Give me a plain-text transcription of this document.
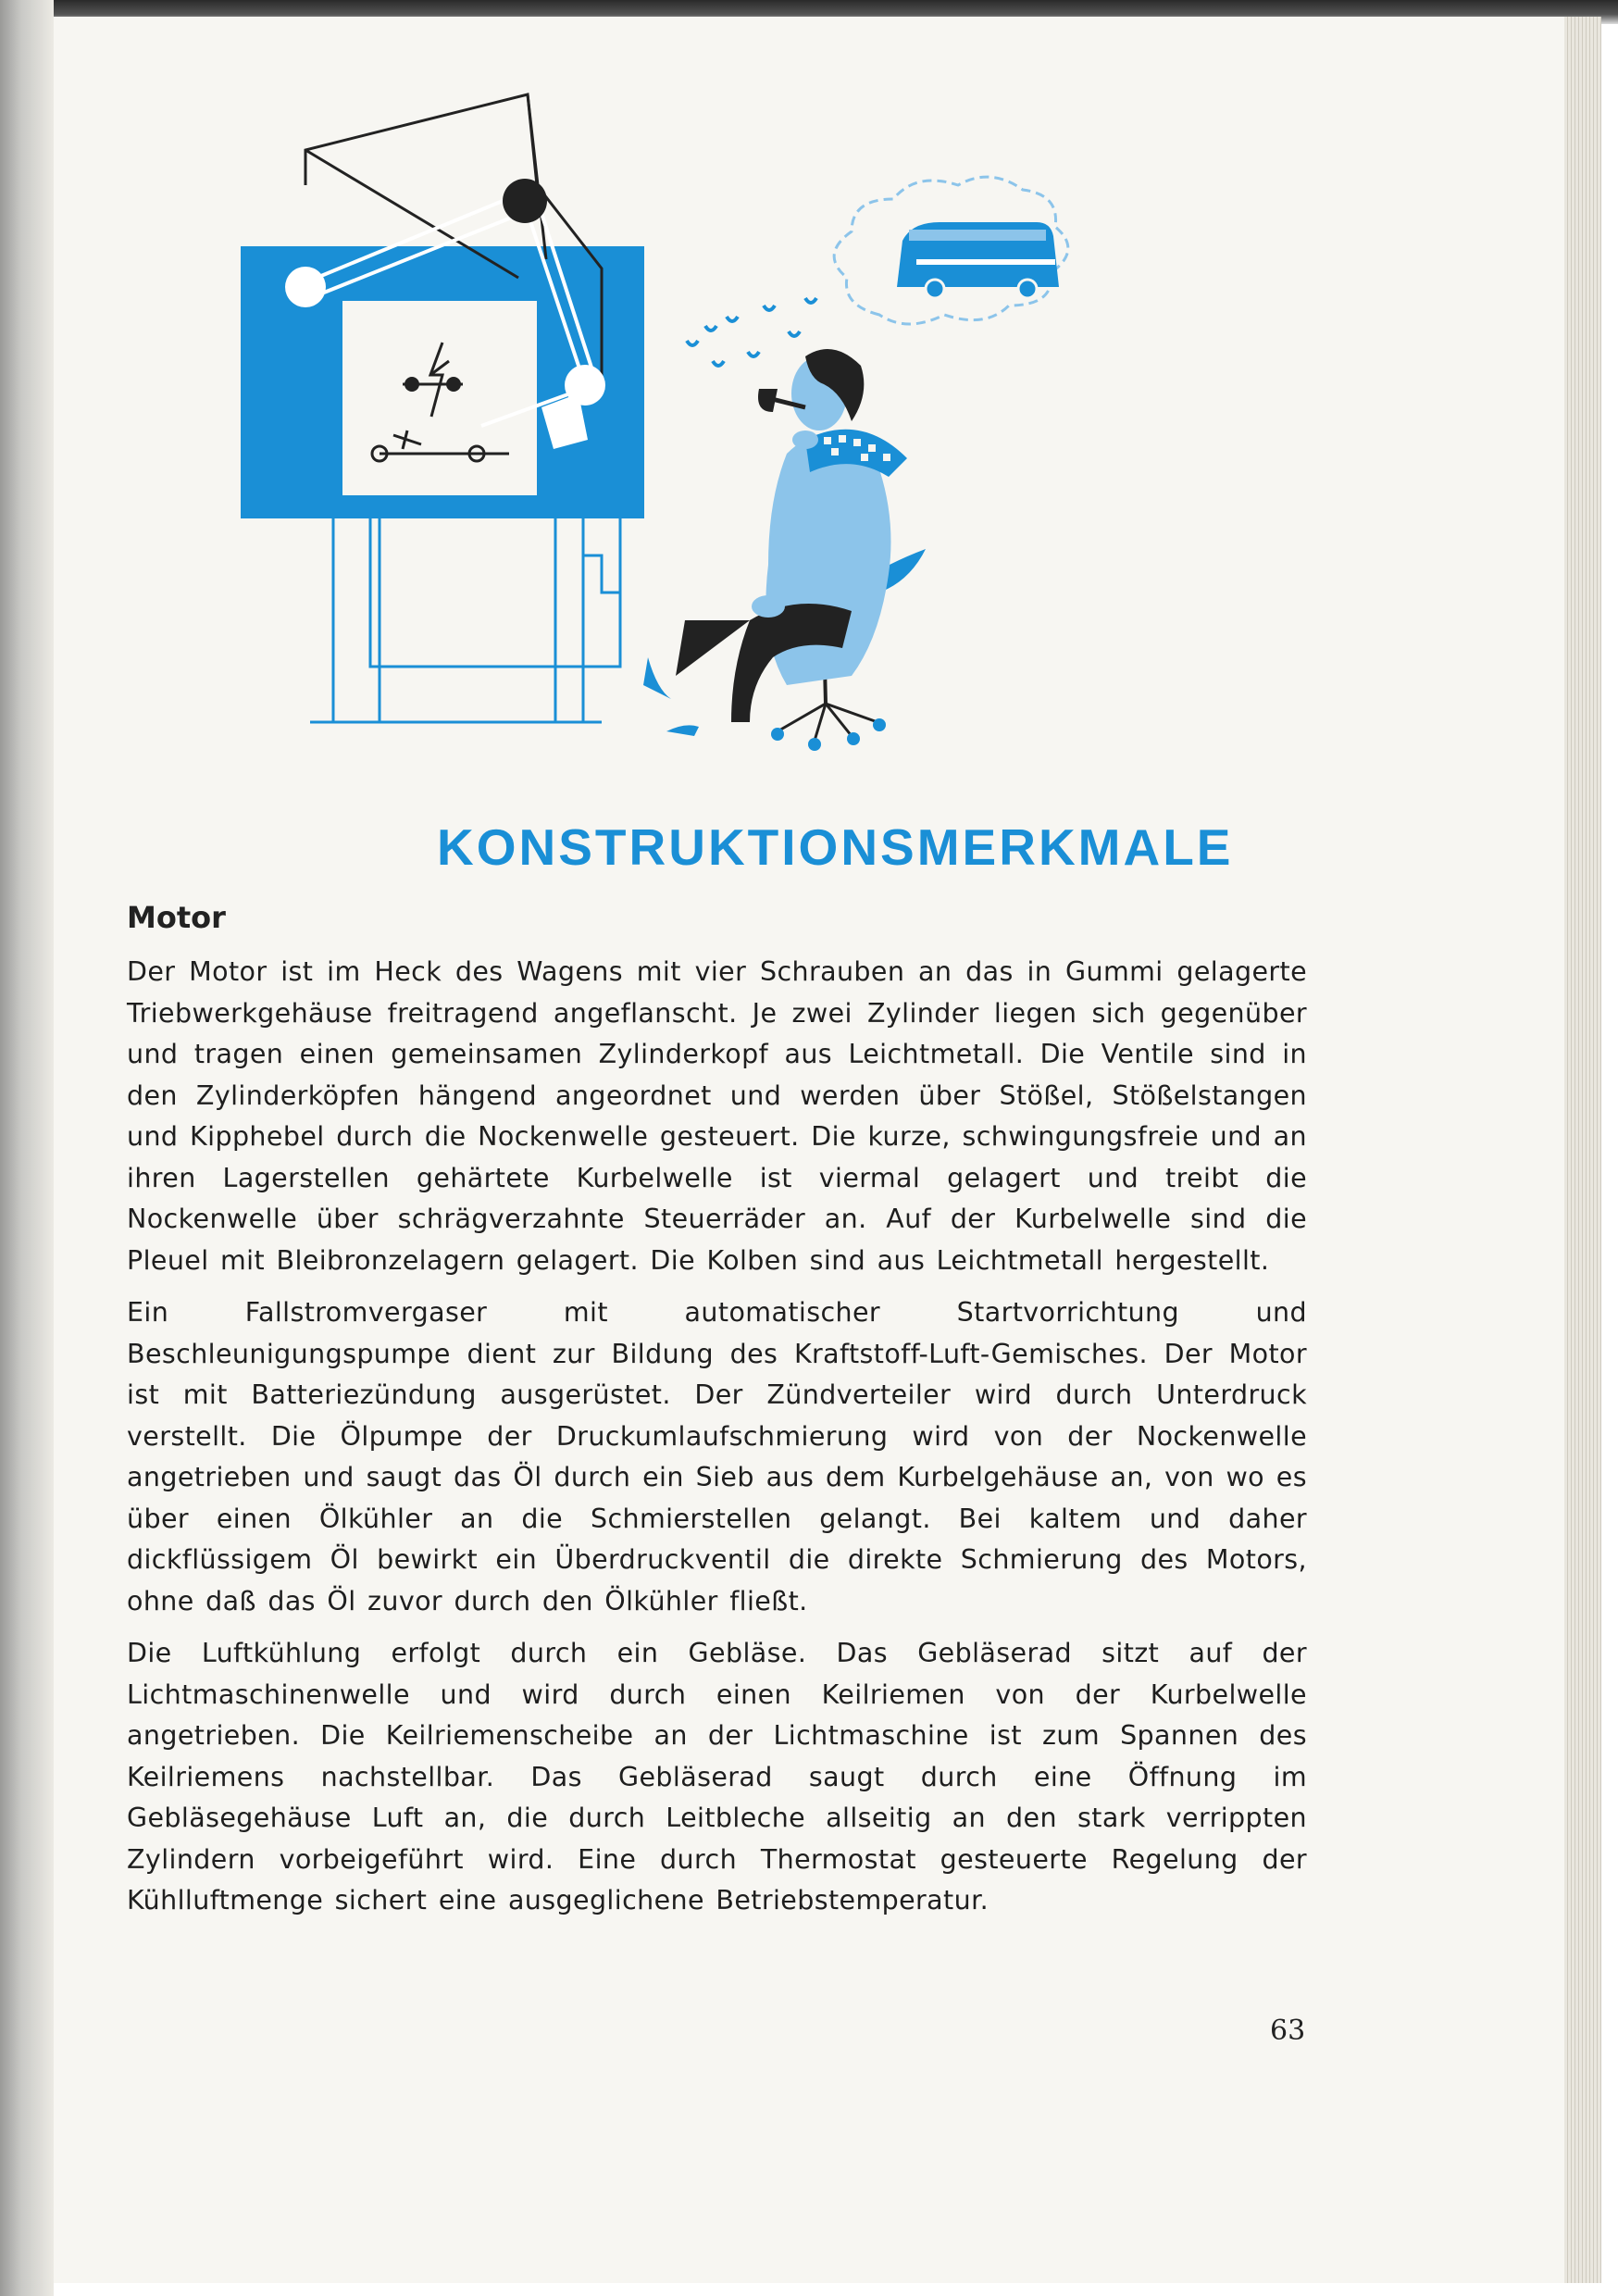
KONSTRUKTIONSMERKMALE
Motor

Der Motor ist im Heck des Wagens mit vier Schrauben an das in Gummi gelagerte Triebwerkgehäuse freitragend angeflanscht. Je zwei Zylinder liegen sich gegenüber und tragen einen gemeinsamen Zylinderkopf aus Leichtmetall. Die Ventile sind in den Zylinderköpfen hängend angeordnet und werden über Stößel, Stößelstangen und Kipphebel durch die Nockenwelle gesteuert. Die kurze, schwingungsfreie und an ihren Lagerstellen gehärtete Kurbelwelle ist viermal gelagert und treibt die Nockenwelle über schrägverzahnte Steuerräder an. Auf der Kurbelwelle sind die Pleuel mit Bleibronzelagern gelagert. Die Kolben sind aus Leichtmetall hergestellt.

Ein Fallstromvergaser mit automatischer Startvorrichtung und Beschleunigungspumpe dient zur Bildung des Kraftstoff-Luft-Gemisches. Der Motor ist mit Batteriezündung ausgerüstet. Der Zündverteiler wird durch Unterdruck verstellt. Die Ölpumpe der Druckumlaufschmierung wird von der Nockenwelle angetrieben und saugt das Öl durch ein Sieb aus dem Kurbelgehäuse an, von wo es über einen Ölkühler an die Schmierstellen gelangt. Bei kaltem und daher dickflüssigem Öl bewirkt ein Überdruckventil die direkte Schmierung des Motors, ohne daß das Öl zuvor durch den Ölkühler fließt.

Die Luftkühlung erfolgt durch ein Gebläse. Das Gebläserad sitzt auf der Lichtmaschinenwelle und wird durch einen Keilriemen von der Kurbelwelle angetrieben. Die Keilriemenscheibe an der Lichtmaschine ist zum Spannen des Keilriemens nachstellbar. Das Gebläserad saugt durch eine Öffnung im Gebläsegehäuse Luft an, die durch Leitbleche allseitig an den stark verrippten Zylindern vorbeigeführt wird. Eine durch Thermostat gesteuerte Regelung der Kühlluftmenge sichert eine ausgeglichene Betriebstemperatur.

63
